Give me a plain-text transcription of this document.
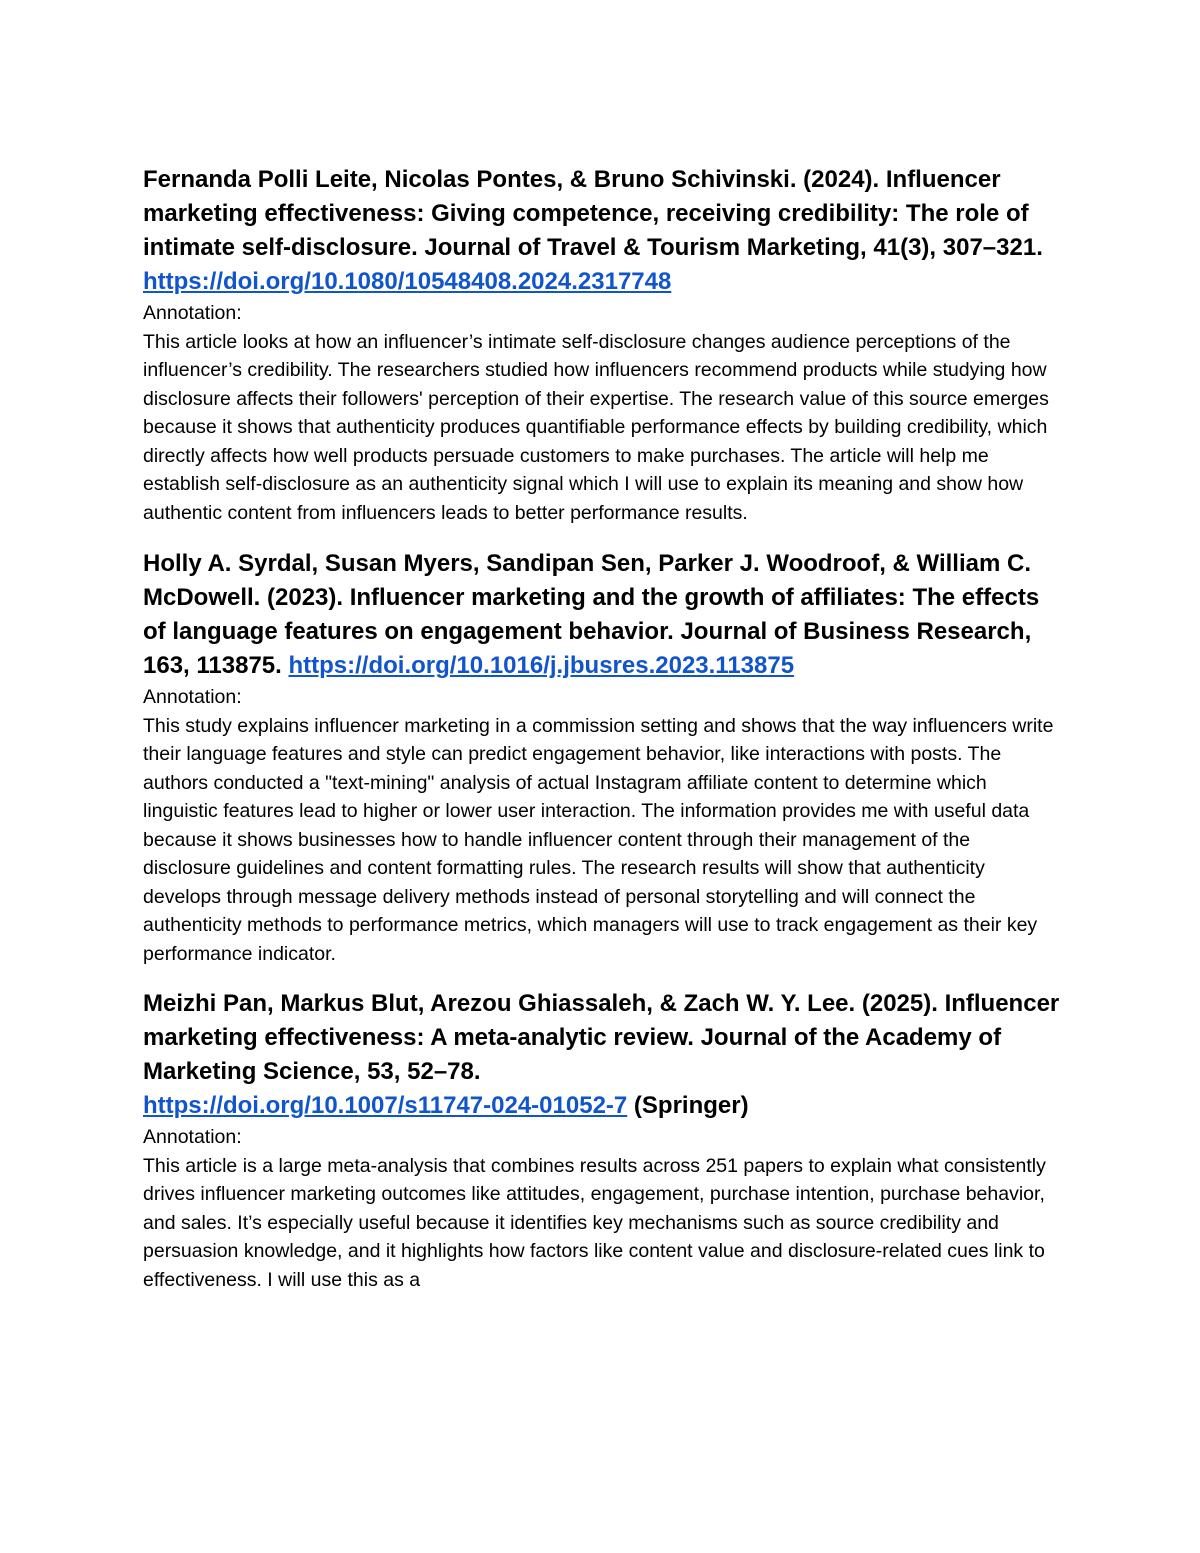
Fernanda Polli Leite, Nicolas Pontes, & Bruno Schivinski. (2024). Influencer marketing effectiveness: Giving competence, receiving credibility: The role of intimate self-disclosure. Journal of Travel & Tourism Marketing, 41(3), 307–321. https://doi.org/10.1080/10548408.2024.2317748

Annotation:

This article looks at how an influencer’s intimate self-disclosure changes audience perceptions of the influencer’s credibility. The researchers studied how influencers recommend products while studying how disclosure affects their followers' perception of their expertise. The research value of this source emerges because it shows that authenticity produces quantifiable performance effects by building credibility, which directly affects how well products persuade customers to make purchases. The article will help me establish self-disclosure as an authenticity signal which I will use to explain its meaning and show how authentic content from influencers leads to better performance results.

Holly A. Syrdal, Susan Myers, Sandipan Sen, Parker J. Woodroof, & William C. McDowell. (2023). Influencer marketing and the growth of affiliates: The effects of language features on engagement behavior. Journal of Business Research, 163, 113875. https://doi.org/10.1016/j.jbusres.2023.113875

Annotation:

This study explains influencer marketing in a commission setting and shows that the way influencers write their language features and style can predict engagement behavior, like interactions with posts. The authors conducted a "text-mining" analysis of actual Instagram affiliate content to determine which linguistic features lead to higher or lower user interaction. The information provides me with useful data because it shows businesses how to handle influencer content through their management of the disclosure guidelines and content formatting rules. The research results will show that authenticity develops through message delivery methods instead of personal storytelling and will connect the authenticity methods to performance metrics, which managers will use to track engagement as their key performance indicator.

Meizhi Pan, Markus Blut, Arezou Ghiassaleh, & Zach W. Y. Lee. (2025). Influencer marketing effectiveness: A meta-analytic review. Journal of the Academy of Marketing Science, 53, 52–78.
https://doi.org/10.1007/s11747-024-01052-7 (Springer)

Annotation:

This article is a large meta-analysis that combines results across 251 papers to explain what consistently drives influencer marketing outcomes like attitudes, engagement, purchase intention, purchase behavior, and sales. It’s especially useful because it identifies key mechanisms such as source credibility and persuasion knowledge, and it highlights how factors like content value and disclosure-related cues link to effectiveness. I will use this as a
